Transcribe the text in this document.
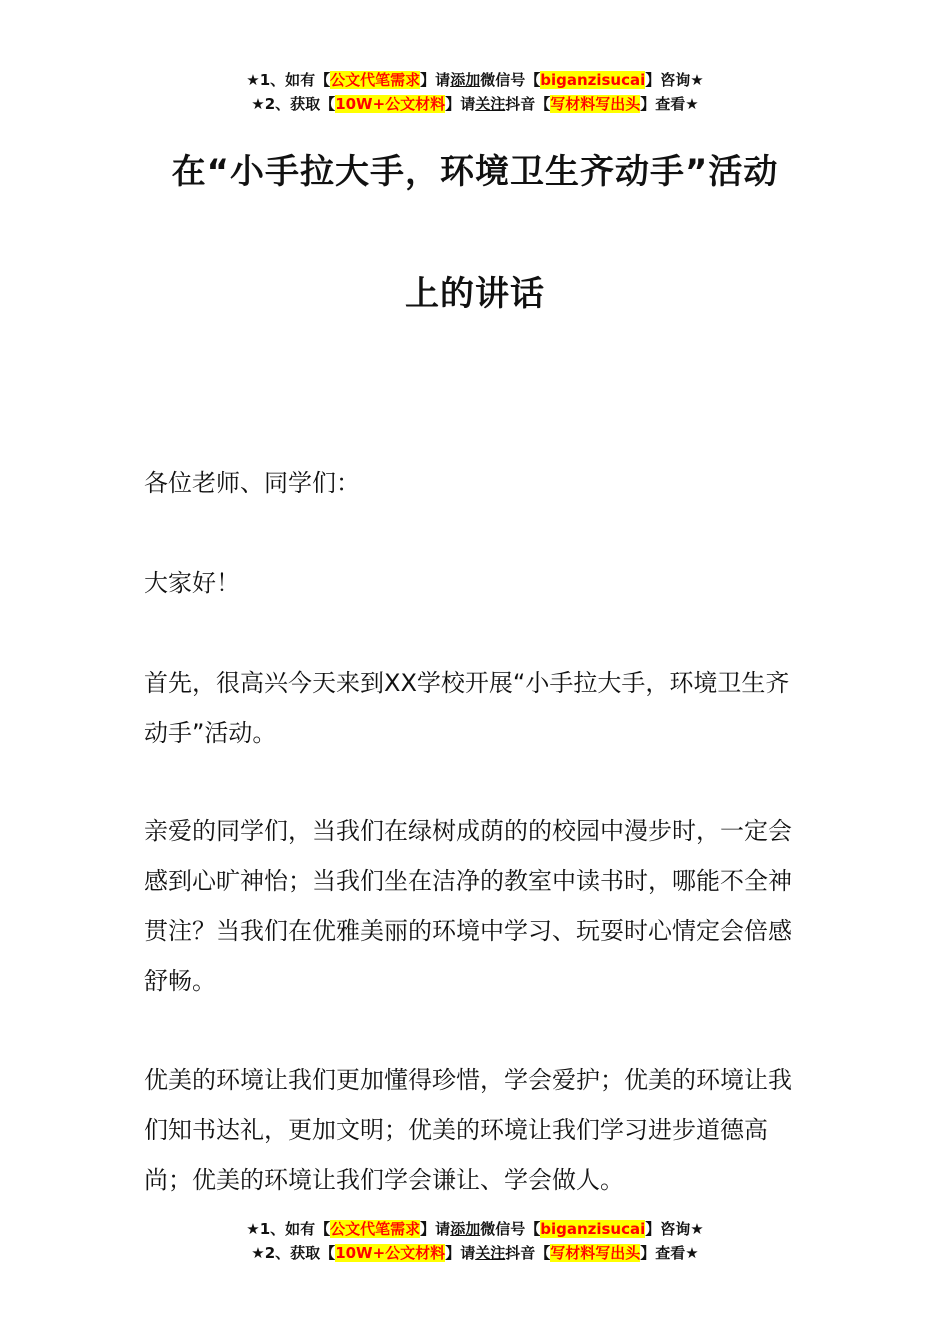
★1、如有【公文代笔需求】请添加微信号【biganzisucai】咨询★
★2、获取【10W+公文材料】请关注抖音【写材料写出头】查看★
在“小手拉大手，环境卫生齐动手”活动
上的讲话

各位老师、同学们：

大家好！

首先，很高兴今天来到XX学校开展“小手拉大手，环境卫生齐动手”活动。

亲爱的同学们，当我们在绿树成荫的的校园中漫步时，一定会感到心旷神怡；当我们坐在洁净的教室中读书时，哪能不全神贯注？当我们在优雅美丽的环境中学习、玩耍时心情定会倍感舒畅。

优美的环境让我们更加懂得珍惜，学会爱护；优美的环境让我们知书达礼，更加文明；优美的环境让我们学习进步道德高尚；优美的环境让我们学会谦让、学会做人。

★1、如有【公文代笔需求】请添加微信号【biganzisucai】咨询★
★2、获取【10W+公文材料】请关注抖音【写材料写出头】查看★
